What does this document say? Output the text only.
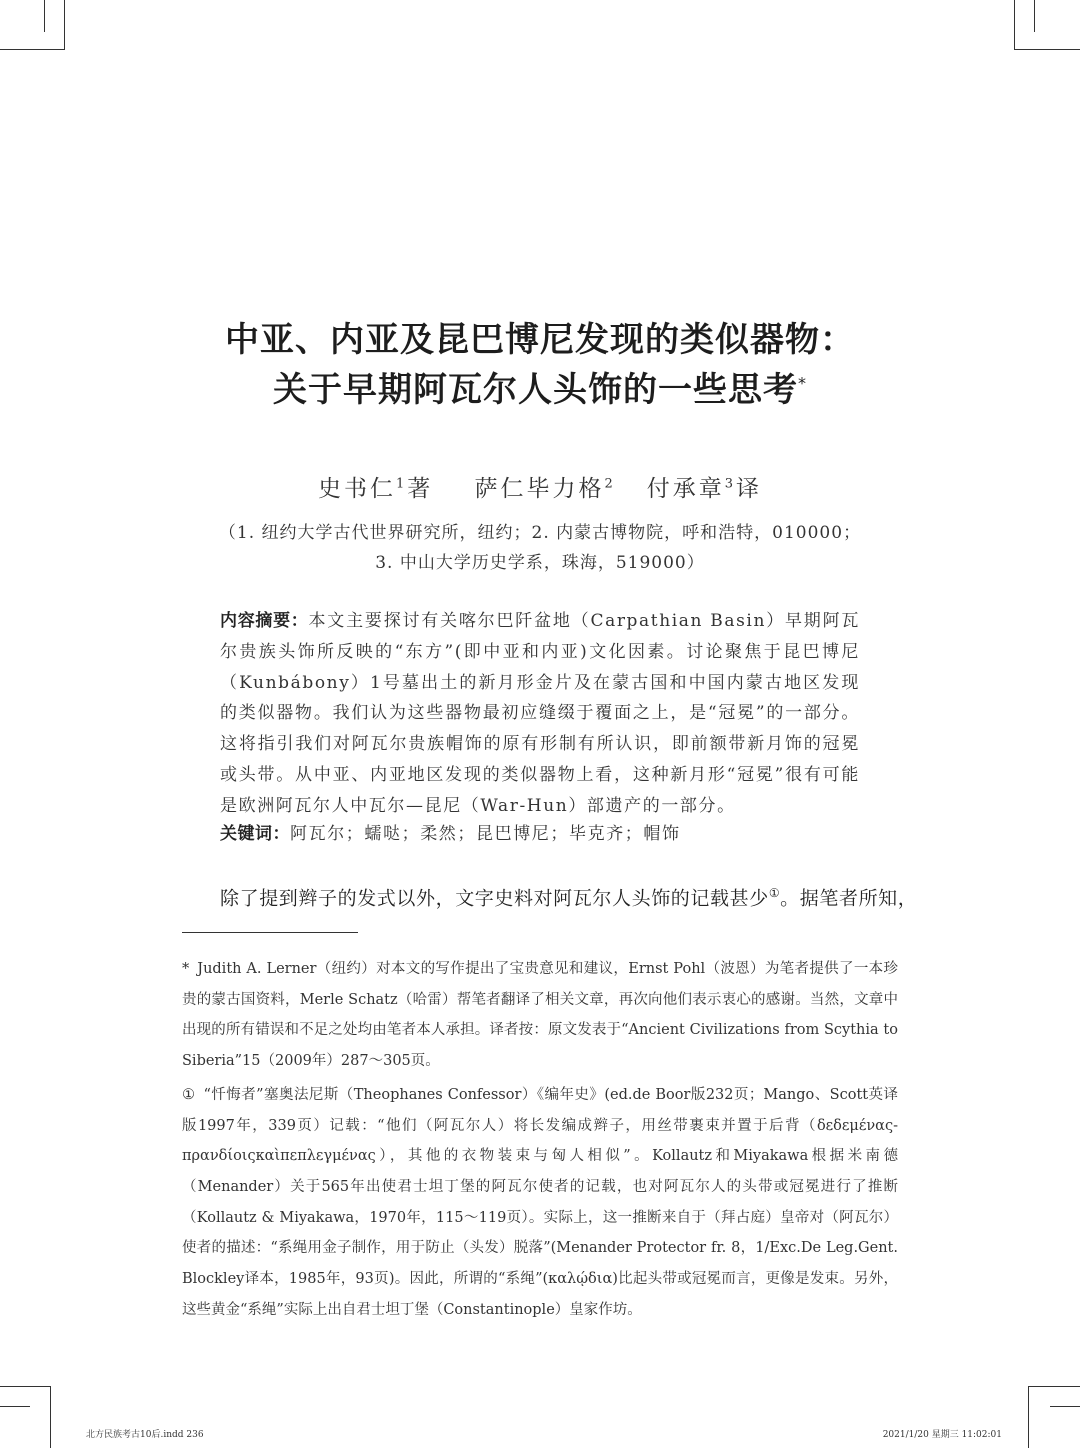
中亚、内亚及昆巴博尼发现的类似器物：
关于早期阿瓦尔人头饰的一些思考*
史书仁$^1$著 萨仁毕力格$^2$ 付承章$^3$译
（1. 纽约大学古代世界研究所，纽约；2. 内蒙古博物院，呼和浩特，010000；
3. 中山大学历史学系，珠海，519000）
内容摘要：本文主要探讨有关喀尔巴阡盆地（Carpathian Basin）早期阿瓦尔贵族头饰所反映的“东方”(即中亚和内亚)文化因素。讨论聚焦于昆巴博尼（Kunbábony）1号墓出土的新月形金片及在蒙古国和中国内蒙古地区发现的类似器物。我们认为这些器物最初应缝缀于覆面之上，是“冠冕”的一部分。这将指引我们对阿瓦尔贵族帽饰的原有形制有所认识，即前额带新月饰的冠冕或头带。从中亚、内亚地区发现的类似器物上看，这种新月形“冠冕”很有可能是欧洲阿瓦尔人中瓦尔—昆尼（War-Hun）部遗产的一部分。
关键词：阿瓦尔；蠕哒；柔然；昆巴博尼；毕克齐；帽饰
除了提到辫子的发式以外，文字史料对阿瓦尔人头饰的记载甚少①。据笔者所知，

* Judith A. Lerner（纽约）对本文的写作提出了宝贵意见和建议，Ernst Pohl（波恩）为笔者提供了一本珍贵的蒙古国资料，Merle Schatz（哈雷）帮笔者翻译了相关文章，再次向他们表示衷心的感谢。当然，文章中出现的所有错误和不足之处均由笔者本人承担。译者按：原文发表于“Ancient Civilizations from Scythia to Siberia”15（2009年）287～305页。

① “忏悔者”塞奥法尼斯（Theophanes Confessor）《编年史》(ed.de Boor版232页；Mango、Scott英译版1997年，339页）记载：“他们（阿瓦尔人）将长发编成辫子，用丝带裹束并置于后背（δεδεμένας-πρανδίοιςκαὶπεπλεγμένας），其他的衣物装束与匈人相似”。Kollautz和Miyakawa根据米南德（Menander）关于565年出使君士坦丁堡的阿瓦尔使者的记载，也对阿瓦尔人的头带或冠冕进行了推断（Kollautz & Miyakawa，1970年，115～119页）。实际上，这一推断来自于（拜占庭）皇帝对（阿瓦尔）使者的描述：“系绳用金子制作，用于防止（头发）脱落”(Menander Protector fr. 8，1/Exc.De Leg.Gent. Blockley译本，1985年，93页)。因此，所谓的“系绳”(καλῴδια)比起头带或冠冕而言，更像是发束。另外，这些黄金“系绳”实际上出自君士坦丁堡（Constantinople）皇家作坊。

北方民族考古10后.indd 236	2021/1/20 星期三 11:02:01
